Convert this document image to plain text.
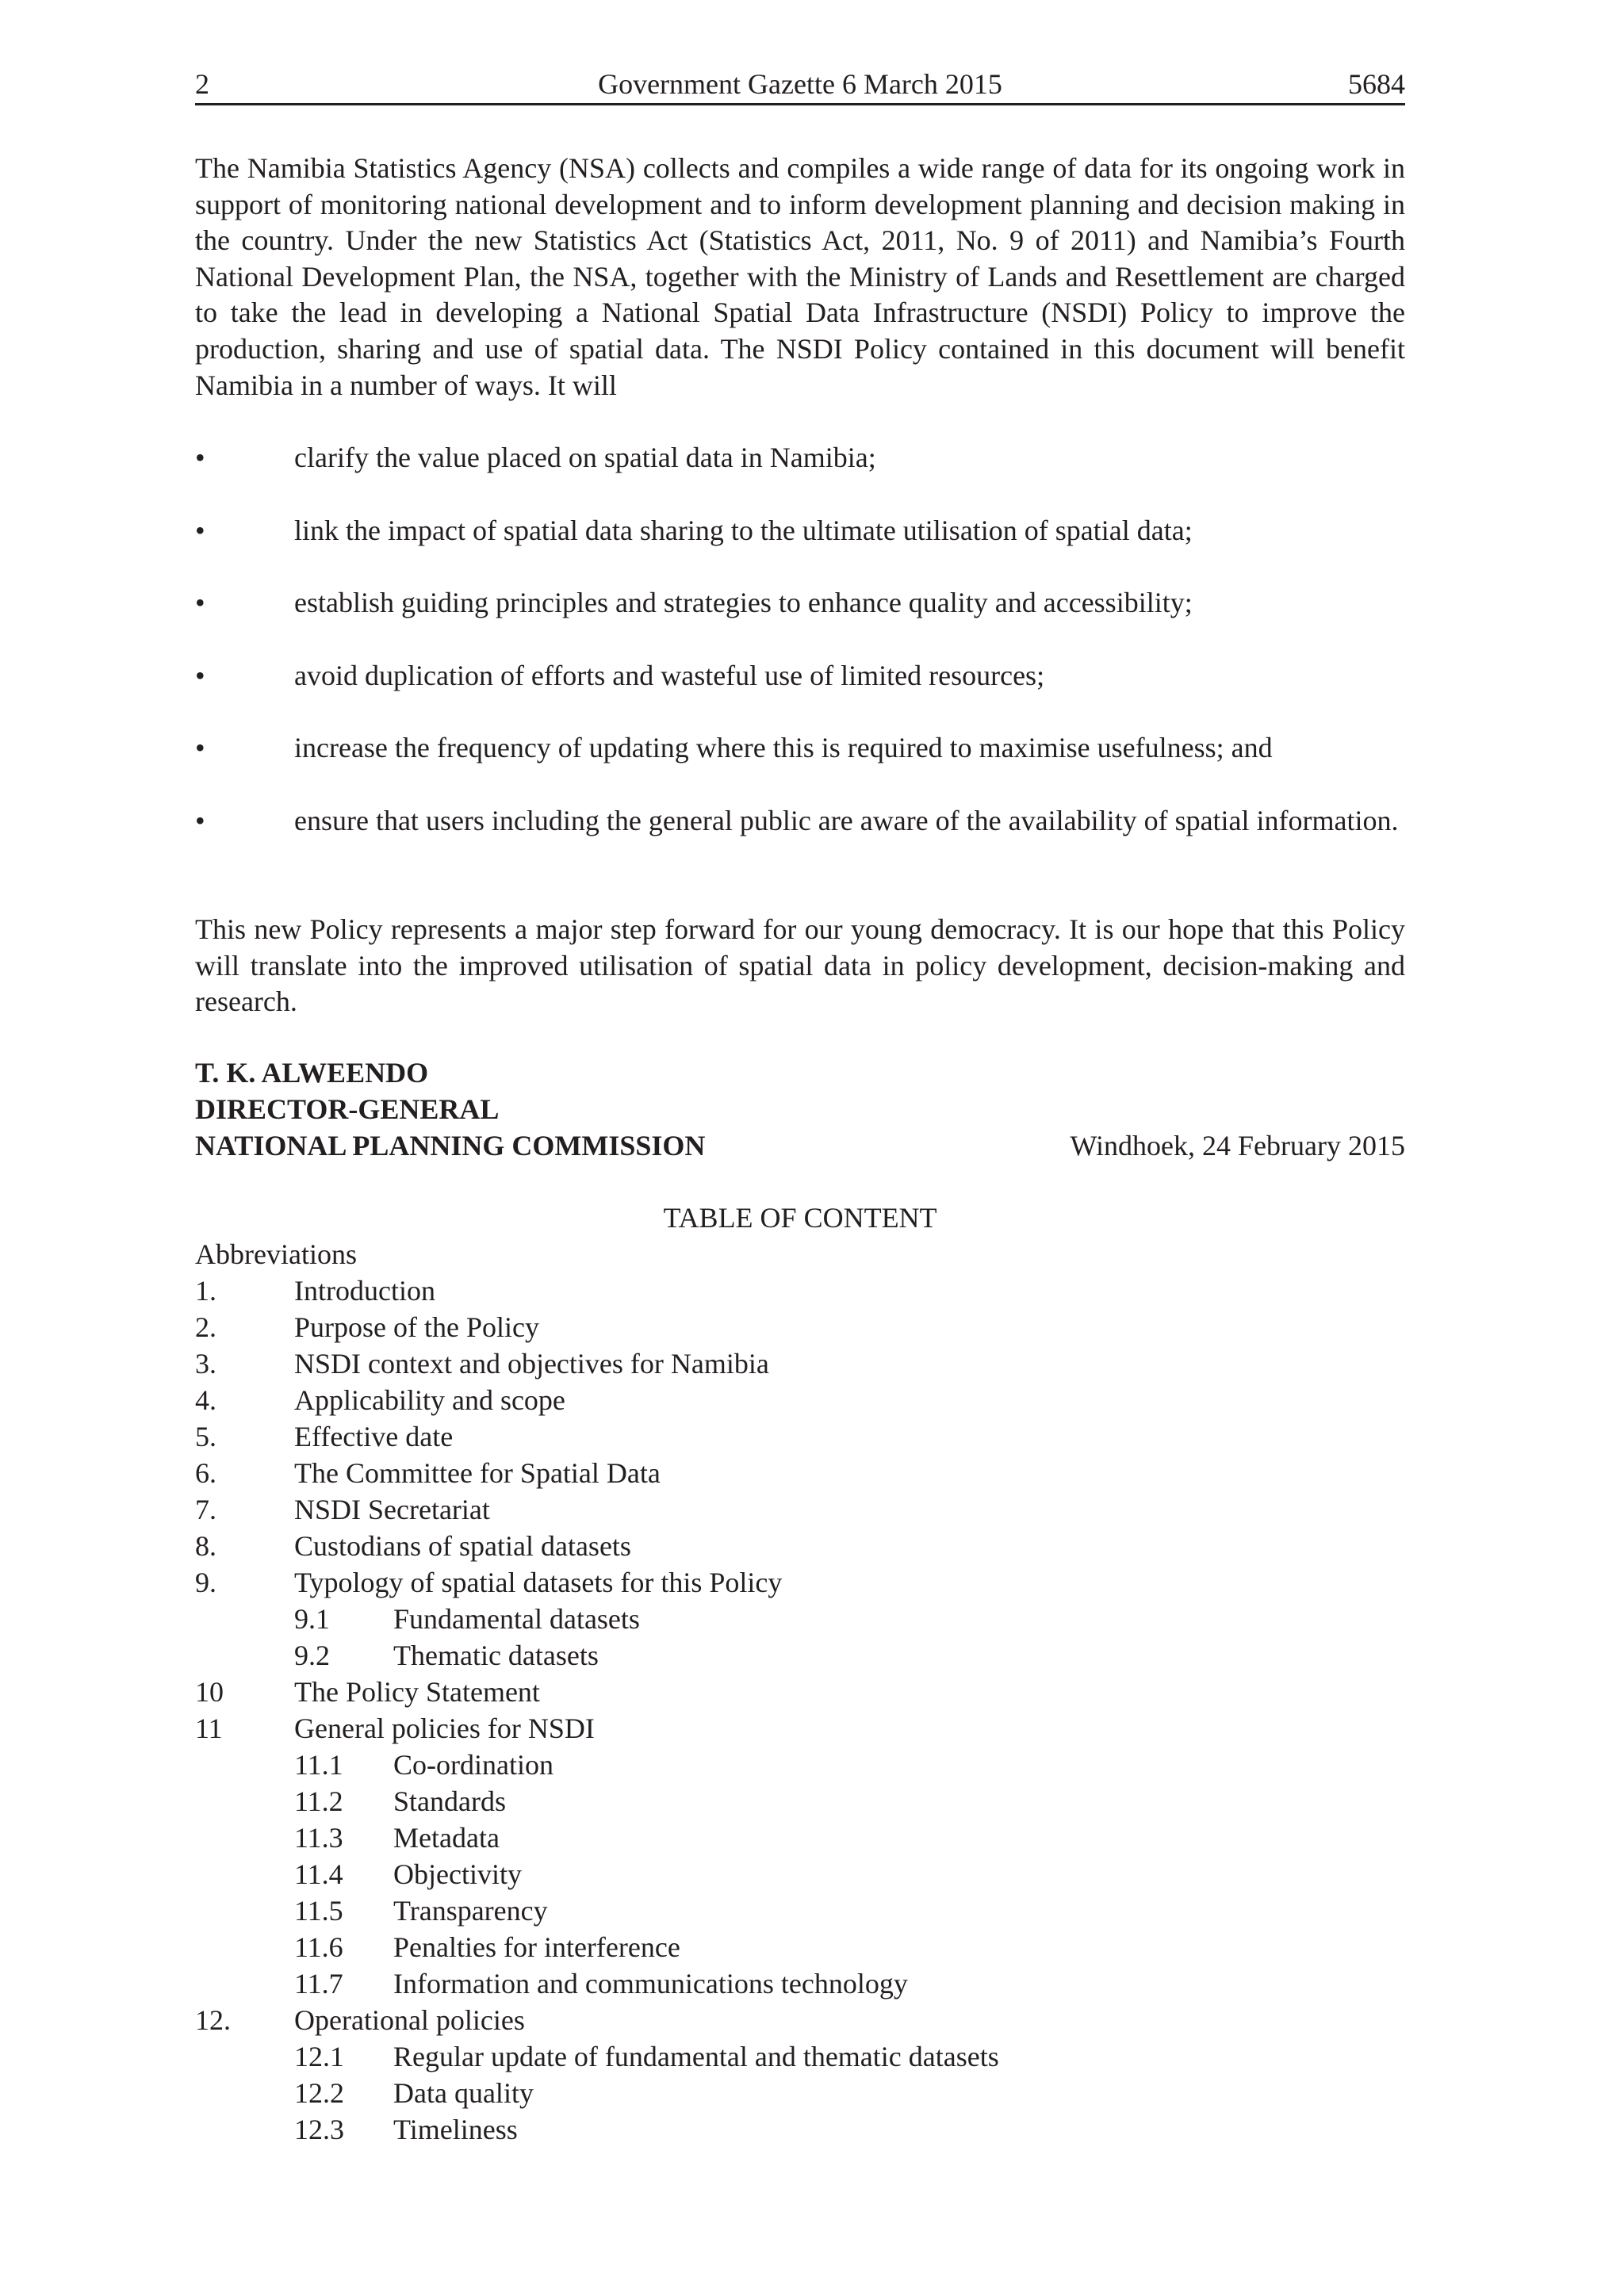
2	Government Gazette 6 March 2015	5684

The Namibia Statistics Agency (NSA) collects and compiles a wide range of data for its ongoing work in support of monitoring national development and to inform development planning and decision making in the country. Under the new Statistics Act (Statistics Act, 2011, No. 9 of 2011) and Namibia’s Fourth National Development Plan, the NSA, together with the Ministry of Lands and Resettlement are charged to take the lead in developing a National Spatial Data Infrastructure (NSDI) Policy to improve the production, sharing and use of spatial data. The NSDI Policy contained in this document will benefit Namibia in a number of ways. It will

•	clarify the value placed on spatial data in Namibia;
•	link the impact of spatial data sharing to the ultimate utilisation of spatial data;
•	establish guiding principles and strategies to enhance quality and accessibility;
•	avoid duplication of efforts and wasteful use of limited resources;
•	increase the frequency of updating where this is required to maximise usefulness; and
•	ensure that users including the general public are aware of the availability of spatial information.

This new Policy represents a major step forward for our young democracy. It is our hope that this Policy will translate into the improved utilisation of spatial data in policy development, decision-making and research.

T. K. ALWEENDO
DIRECTOR-GENERAL
NATIONAL PLANNING COMMISSION	Windhoek, 24 February 2015
TABLE OF CONTENT
Abbreviations
1.	Introduction
2.	Purpose of the Policy
3.	NSDI context and objectives for Namibia
4.	Applicability and scope
5.	Effective date
6.	The Committee for Spatial Data
7.	NSDI Secretariat
8.	Custodians of spatial datasets
9.	Typology of spatial datasets for this Policy
9.1 Fundamental datasets
9.2 Thematic datasets
10 The Policy Statement
11	General policies for NSDI
11.1 Co-ordination
11.2 Standards
11.3 Metadata
11.4 Objectivity
11.5 Transparency
11.6 Penalties for interference
11.7 Information and communications technology
12. Operational policies
12.1 Regular update of fundamental and thematic datasets
12.2 Data quality
12.3 Timeliness
